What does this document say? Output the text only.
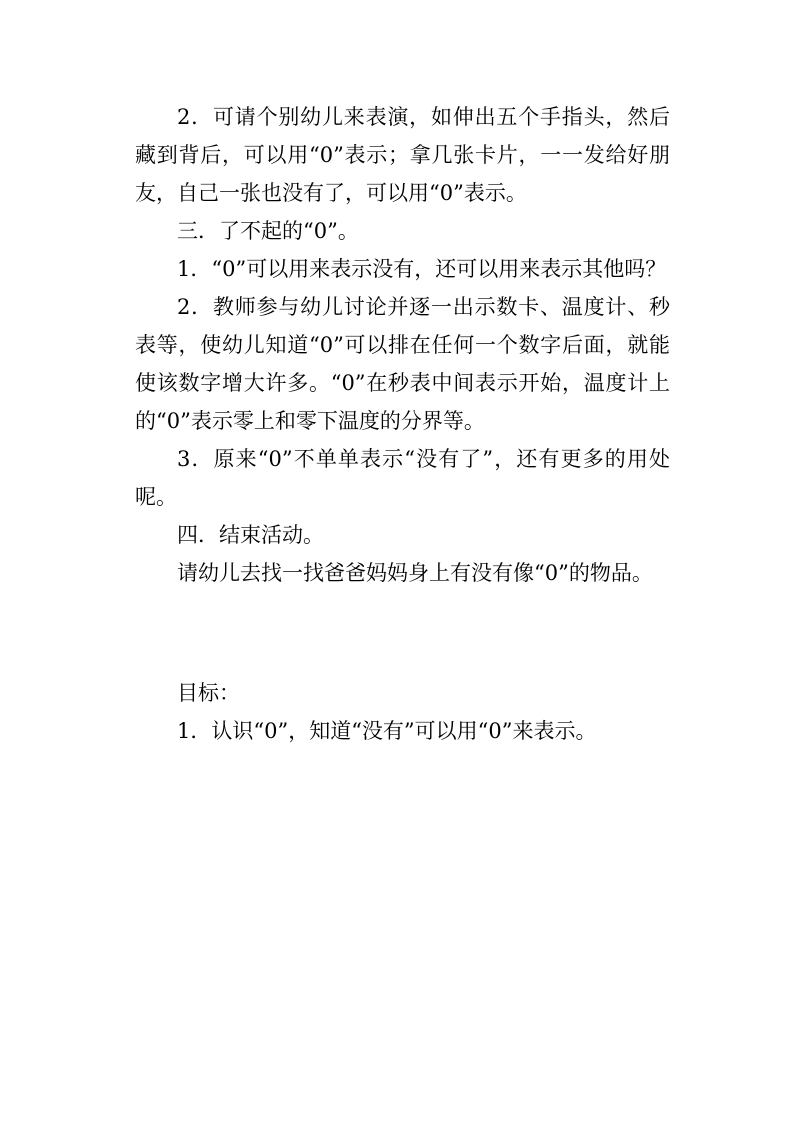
2．可请个别幼儿来表演，如伸出五个手指头，然后藏到背后，可以用“0”表示；拿几张卡片，一一发给好朋友，自己一张也没有了，可以用“0”表示。

三．了不起的“0”。

1．“0”可以用来表示没有，还可以用来表示其他吗？

2．教师参与幼儿讨论并逐一出示数卡、温度计、秒表等，使幼儿知道“0”可以排在任何一个数字后面，就能使该数字增大许多。“0”在秒表中间表示开始，温度计上的“0”表示零上和零下温度的分界等。

3．原来“0”不单单表示“没有了”，还有更多的用处呢。

四．结束活动。

请幼儿去找一找爸爸妈妈身上有没有像“0”的物品。

目标：

1．认识“0”，知道“没有”可以用“0”来表示。
